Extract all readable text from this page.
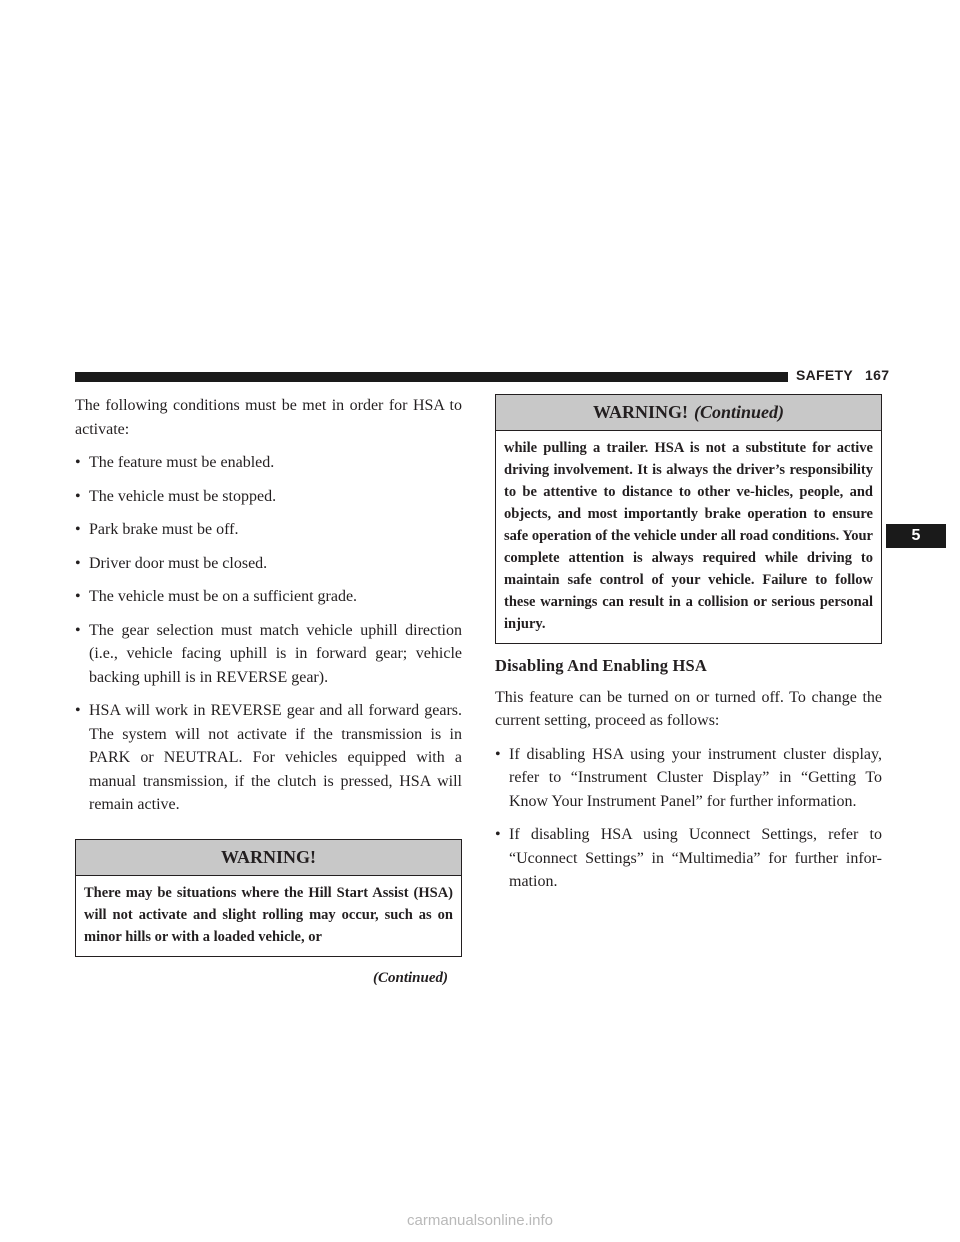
SAFETY 167
5

The following conditions must be met in order for HSA to activate:

• The feature must be enabled.
• The vehicle must be stopped.
• Park brake must be off.
• Driver door must be closed.
• The vehicle must be on a sufficient grade.
• The gear selection must match vehicle uphill direction (i.e., vehicle facing uphill is in forward gear; vehicle backing uphill is in REVERSE gear).
• HSA will work in REVERSE gear and all forward gears. The system will not activate if the transmission is in PARK or NEUTRAL. For vehicles equipped with a manual transmission, if the clutch is pressed, HSA will remain active.
WARNING!
There may be situations where the Hill Start Assist (HSA) will not activate and slight rolling may occur, such as on minor hills or with a loaded vehicle, or
(Continued)
WARNING! (Continued)
while pulling a trailer. HSA is not a substitute for active driving involvement. It is always the driver’s responsibility to be attentive to distance to other ve-hicles, people, and objects, and most importantly brake operation to ensure safe operation of the vehicle under all road conditions. Your complete attention is always required while driving to maintain safe control of your vehicle. Failure to follow these warnings can result in a collision or serious personal injury.

Disabling And Enabling HSA

This feature can be turned on or turned off. To change the current setting, proceed as follows:

• If disabling HSA using your instrument cluster display, refer to “Instrument Cluster Display” in “Getting To Know Your Instrument Panel” for further information.
• If disabling HSA using Uconnect Settings, refer to “Uconnect Settings” in “Multimedia” for further infor-mation.
carmanualsonline.info
